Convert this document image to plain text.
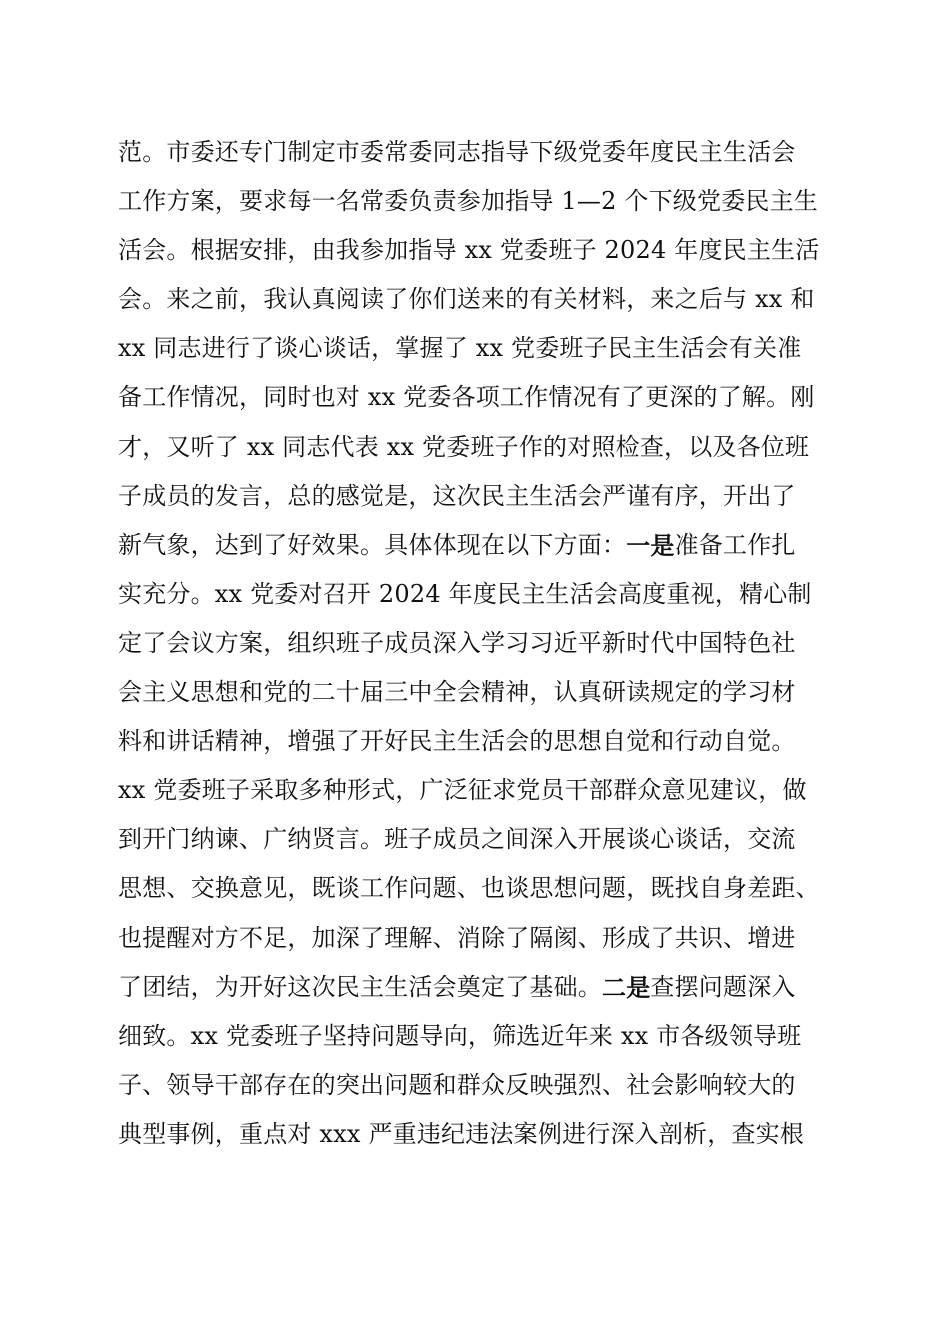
范。市委还专门制定市委常委同志指导下级党委年度民主生活会
工作方案，要求每一名常委负责参加指导 1—2 个下级党委民主生
活会。根据安排，由我参加指导 xx 党委班子 2024 年度民主生活
会。来之前，我认真阅读了你们送来的有关材料，来之后与 xx 和
xx 同志进行了谈心谈话，掌握了 xx 党委班子民主生活会有关准
备工作情况，同时也对 xx 党委各项工作情况有了更深的了解。刚
才，又听了 xx 同志代表 xx 党委班子作的对照检查，以及各位班
子成员的发言，总的感觉是，这次民主生活会严谨有序，开出了
新气象，达到了好效果。具体体现在以下方面： 一是 准备工作扎
实充分。xx 党委对召开 2024 年度民主生活会高度重视，精心制
定了会议方案，组织班子成员深入学习习近平新时代中国特色社
会主义思想和党的二十届三中全会精神，认真研读规定的学习材
料和讲话精神，增强了开好民主生活会的思想自觉和行动自觉。
xx 党委班子采取多种形式，广泛征求党员干部群众意见建议，做
到开门纳谏、广纳贤言。班子成员之间深入开展谈心谈话，交流
思想、交换意见，既谈工作问题、也谈思想问题，既找自身差距、
也提醒对方不足，加深了理解、消除了隔阂、形成了共识、增进
了团结，为开好这次民主生活会奠定了基础。 二是 查摆问题深入
细致。xx 党委班子坚持问题导向，筛选近年来 xx 市各级领导班
子、领导干部存在的突出问题和群众反映强烈、社会影响较大的
典型事例，重点对 xxx 严重违纪违法案例进行深入剖析，查实根
